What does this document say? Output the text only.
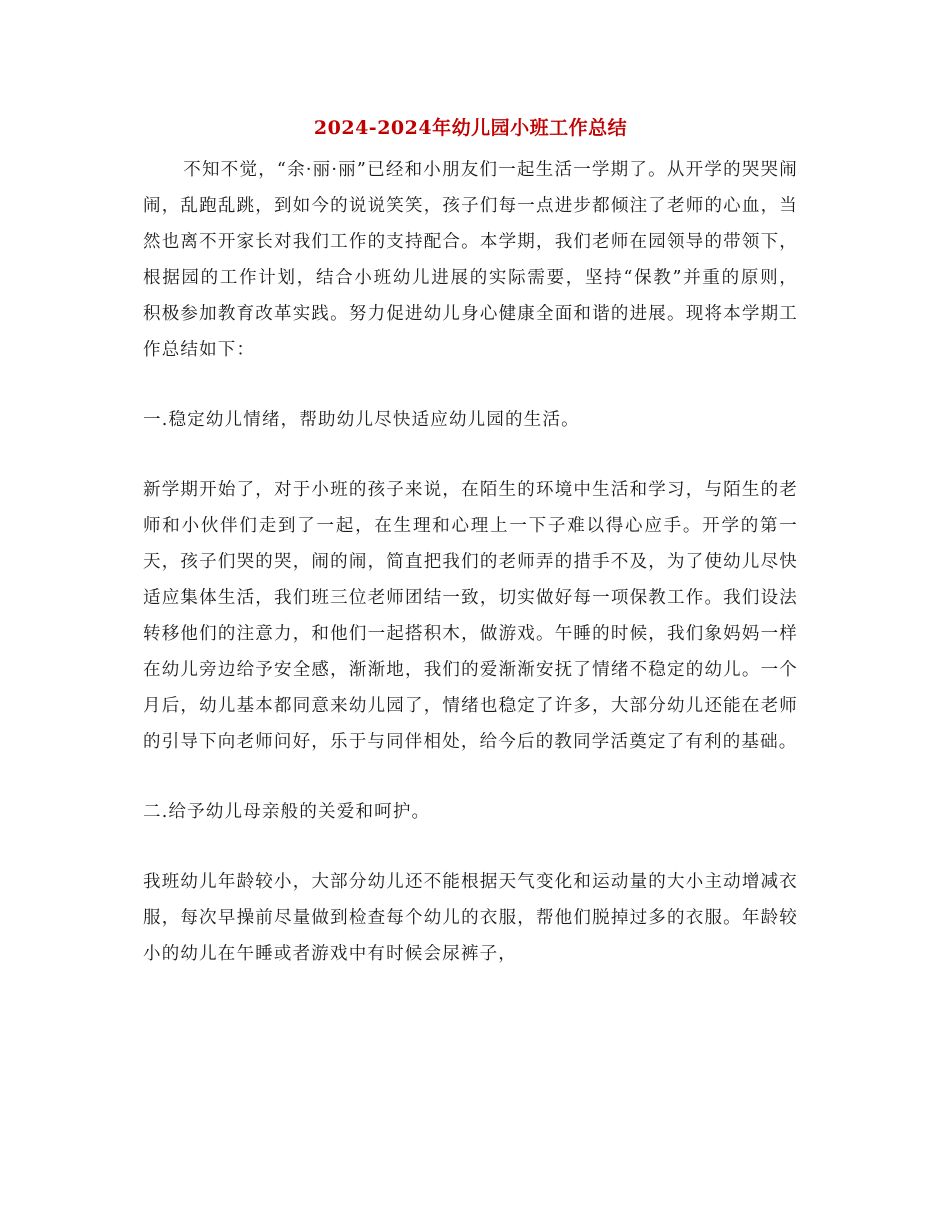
2024-2024年幼儿园小班工作总结

不知不觉，“余·丽·丽”已经和小朋友们一起生活一学期了。从开学的哭哭闹闹，乱跑乱跳，到如今的说说笑笑，孩子们每一点进步都倾注了老师的心血，当然也离不开家长对我们工作的支持配合。本学期，我们老师在园领导的带领下，根据园的工作计划，结合小班幼儿进展的实际需要，坚持“保教”并重的原则，积极参加教育改革实践。努力促进幼儿身心健康全面和谐的进展。现将本学期工作总结如下：

一.稳定幼儿情绪，帮助幼儿尽快适应幼儿园的生活。

新学期开始了，对于小班的孩子来说，在陌生的环境中生活和学习，与陌生的老师和小伙伴们走到了一起，在生理和心理上一下子难以得心应手。开学的第一天，孩子们哭的哭，闹的闹，简直把我们的老师弄的措手不及，为了使幼儿尽快适应集体生活，我们班三位老师团结一致，切实做好每一项保教工作。我们设法转移他们的注意力，和他们一起搭积木，做游戏。午睡的时候，我们象妈妈一样在幼儿旁边给予安全感，渐渐地，我们的爱渐渐安抚了情绪不稳定的幼儿。一个月后，幼儿基本都同意来幼儿园了，情绪也稳定了许多，大部分幼儿还能在老师的引导下向老师问好，乐于与同伴相处，给今后的教同学活奠定了有利的基础。

二.给予幼儿母亲般的关爱和呵护。

我班幼儿年龄较小，大部分幼儿还不能根据天气变化和运动量的大小主动增减衣服，每次早操前尽量做到检查每个幼儿的衣服，帮他们脱掉过多的衣服。年龄较小的幼儿在午睡或者游戏中有时候会尿裤子，
